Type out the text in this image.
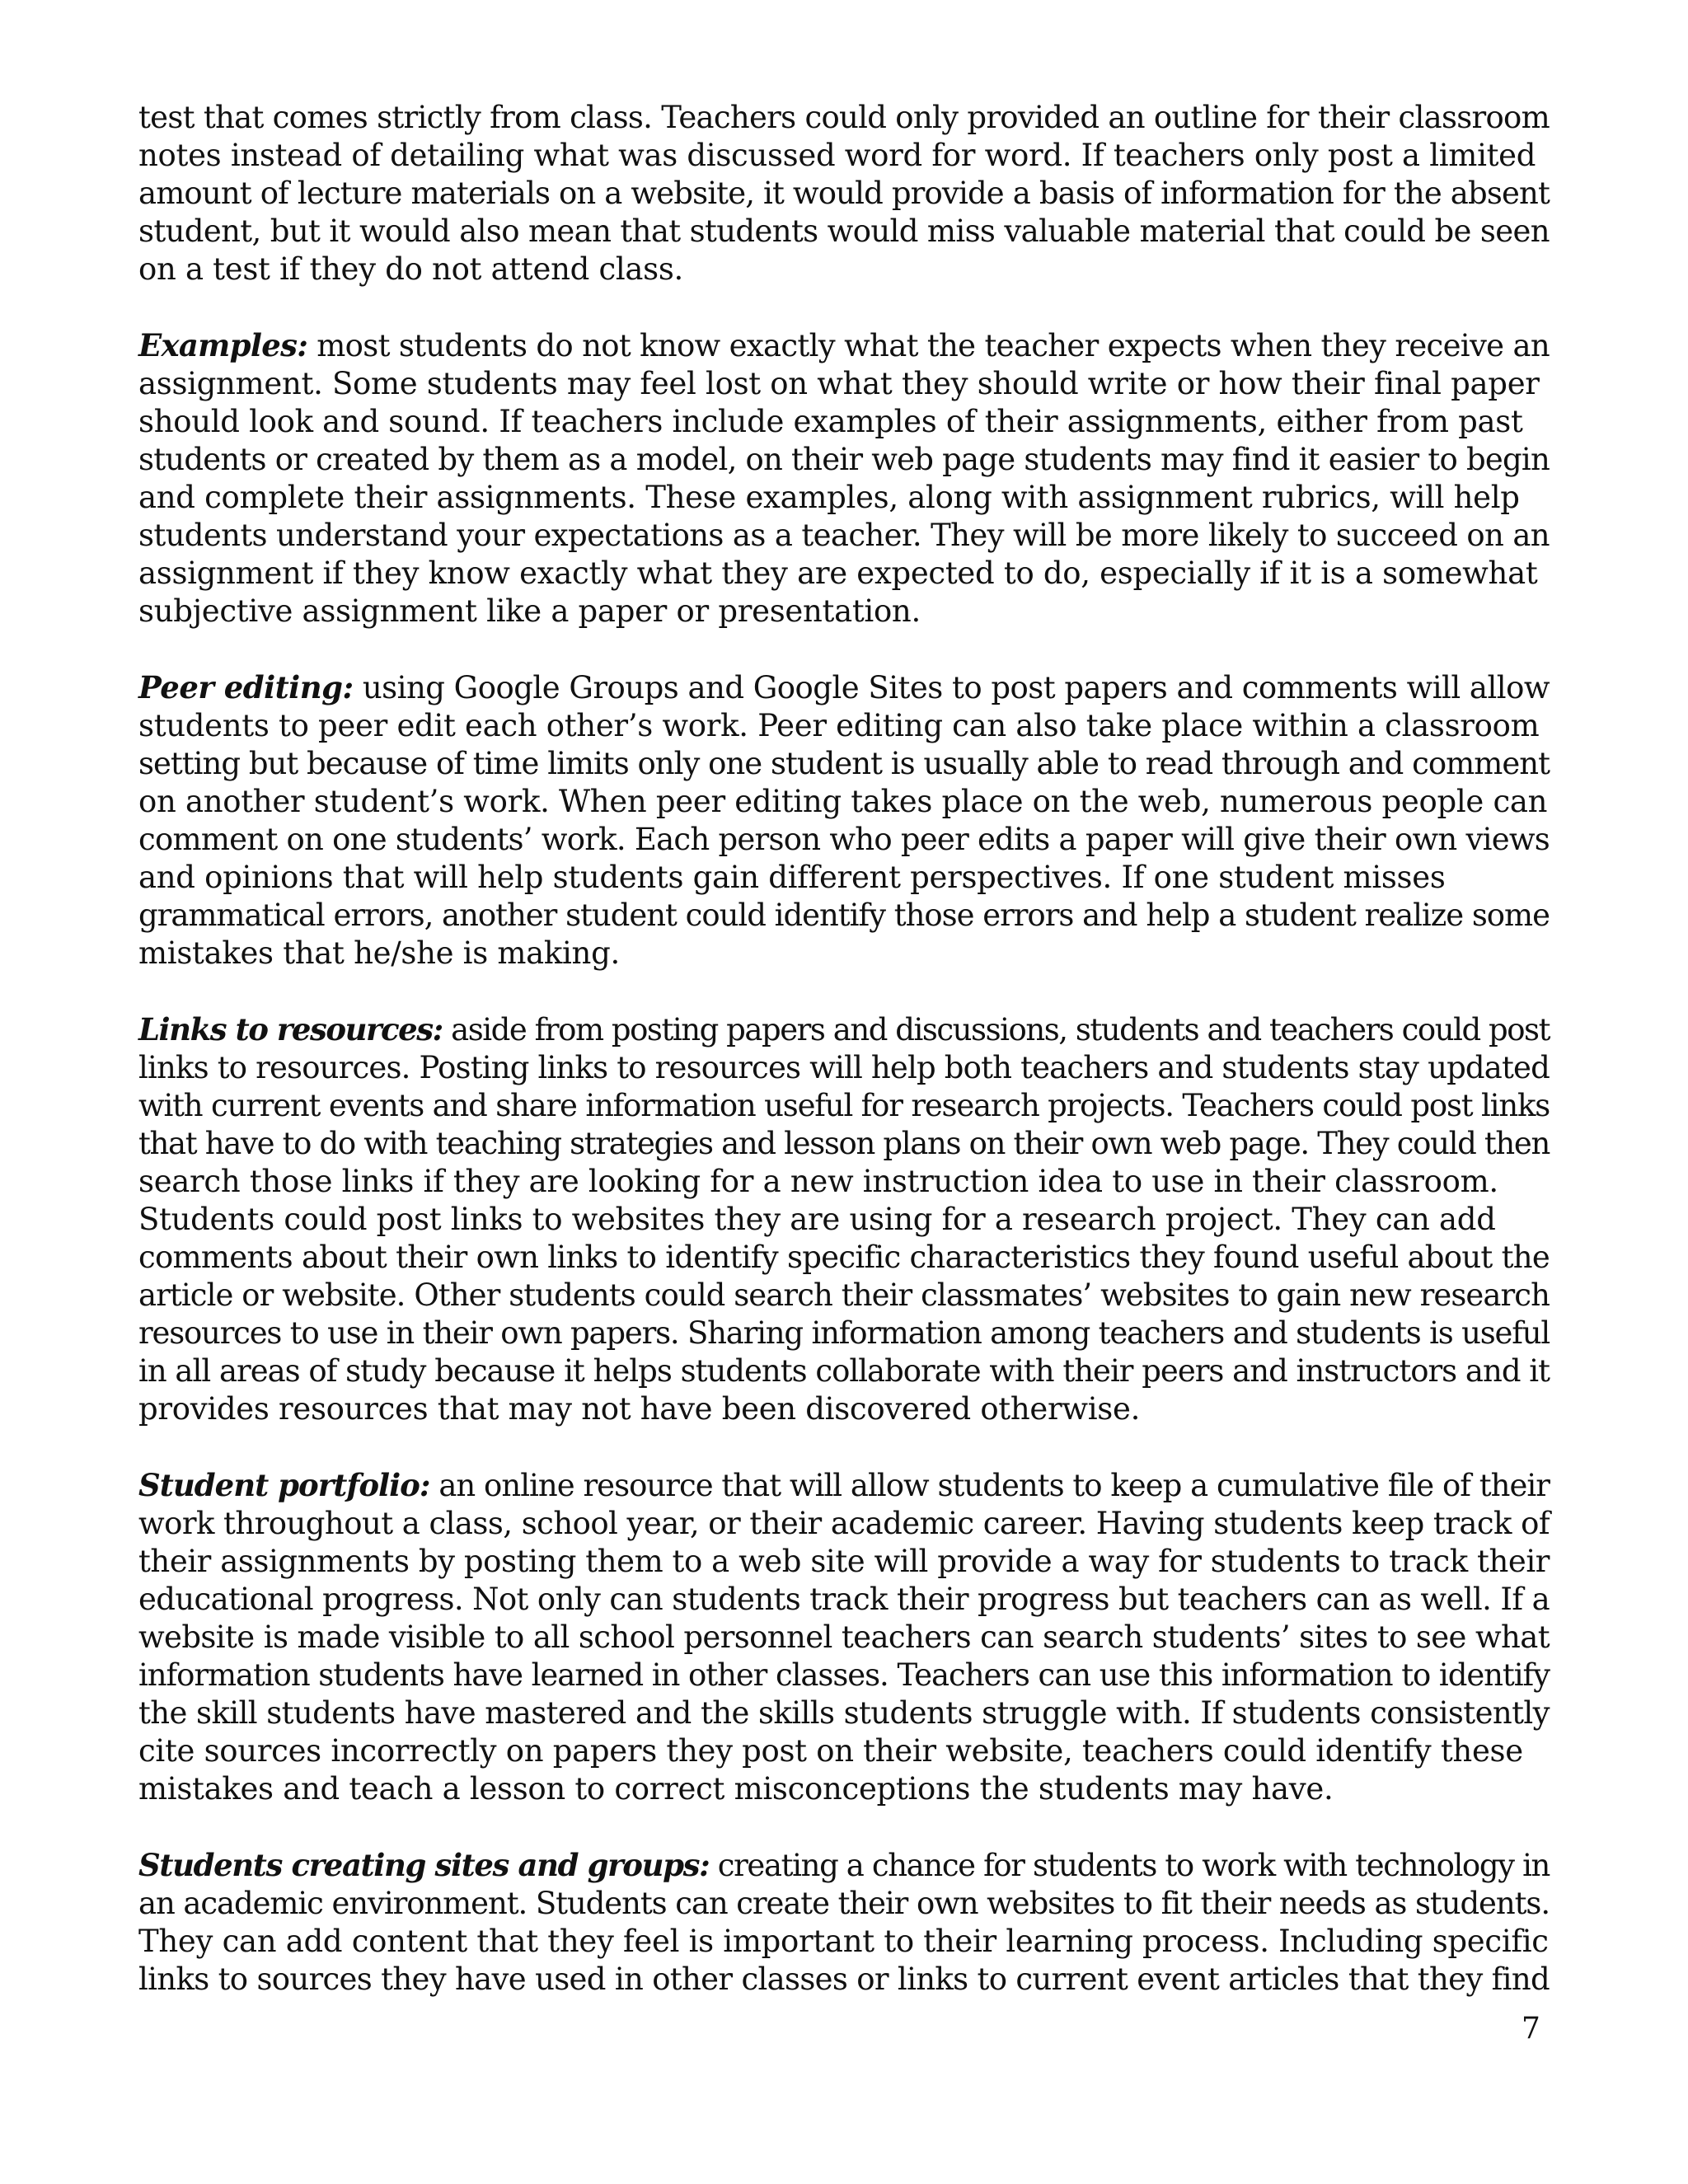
test that comes strictly from class. Teachers could only provided an outline for their classroom
notes instead of detailing what was discussed word for word. If teachers only post a limited
amount of lecture materials on a website, it would provide a basis of information for the absent
student, but it would also mean that students would miss valuable material that could be seen
on a test if they do not attend class.

Examples: most students do not know exactly what the teacher expects when they receive an
assignment. Some students may feel lost on what they should write or how their final paper
should look and sound. If teachers include examples of their assignments, either from past
students or created by them as a model, on their web page students may find it easier to begin
and complete their assignments. These examples, along with assignment rubrics, will help
students understand your expectations as a teacher. They will be more likely to succeed on an
assignment if they know exactly what they are expected to do, especially if it is a somewhat
subjective assignment like a paper or presentation.

Peer editing: using Google Groups and Google Sites to post papers and comments will allow
students to peer edit each other’s work. Peer editing can also take place within a classroom
setting but because of time limits only one student is usually able to read through and comment
on another student’s work. When peer editing takes place on the web, numerous people can
comment on one students’ work. Each person who peer edits a paper will give their own views
and opinions that will help students gain different perspectives. If one student misses
grammatical errors, another student could identify those errors and help a student realize some
mistakes that he/she is making.

Links to resources: aside from posting papers and discussions, students and teachers could post
links to resources. Posting links to resources will help both teachers and students stay updated
with current events and share information useful for research projects. Teachers could post links
that have to do with teaching strategies and lesson plans on their own web page. They could then
search those links if they are looking for a new instruction idea to use in their classroom.
Students could post links to websites they are using for a research project. They can add
comments about their own links to identify specific characteristics they found useful about the
article or website. Other students could search their classmates’ websites to gain new research
resources to use in their own papers. Sharing information among teachers and students is useful
in all areas of study because it helps students collaborate with their peers and instructors and it
provides resources that may not have been discovered otherwise.

Student portfolio: an online resource that will allow students to keep a cumulative file of their
work throughout a class, school year, or their academic career. Having students keep track of
their assignments by posting them to a web site will provide a way for students to track their
educational progress. Not only can students track their progress but teachers can as well. If a
website is made visible to all school personnel teachers can search students’ sites to see what
information students have learned in other classes. Teachers can use this information to identify
the skill students have mastered and the skills students struggle with. If students consistently
cite sources incorrectly on papers they post on their website, teachers could identify these
mistakes and teach a lesson to correct misconceptions the students may have.

Students creating sites and groups: creating a chance for students to work with technology in
an academic environment. Students can create their own websites to fit their needs as students.
They can add content that they feel is important to their learning process. Including specific
links to sources they have used in other classes or links to current event articles that they find

7
